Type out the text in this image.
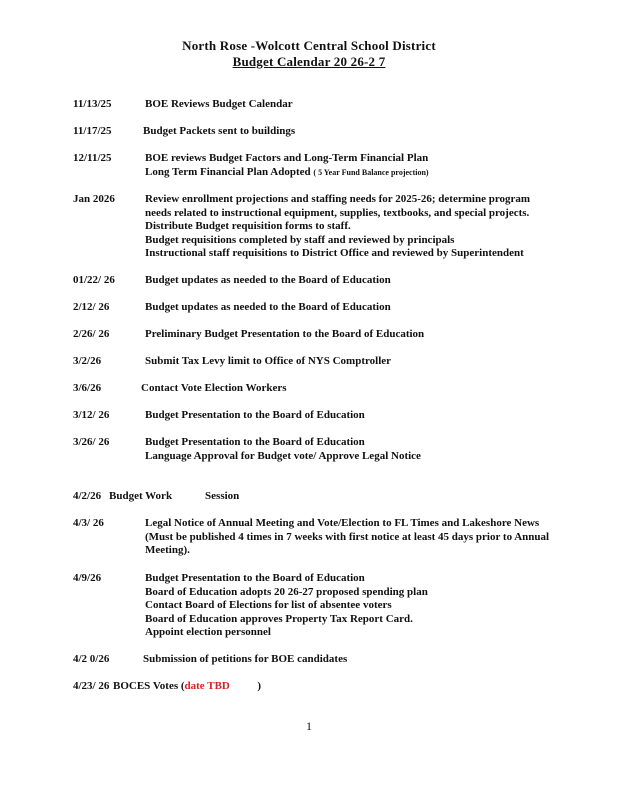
North Rose -Wolcott Central School District
Budget Calendar 20 26-2 7
11/13/25	BOE Reviews Budget Calendar
11/17/25	Budget Packets sent to buildings
12/11/25	BOE reviews Budget Factors and Long-Term Financial Plan
Long Term Financial Plan Adopted ( 5 Year Fund Balance projection)
Jan 2026	Review enrollment projections and staffing needs for 2025-26; determine program
needs related to instructional equipment, supplies, textbooks, and special projects.
Distribute Budget requisition forms to staff.
Budget requisitions completed by staff and reviewed by principals
Instructional staff requisitions to District Office and reviewed by Superintendent
01/22/ 26	Budget updates as needed to the Board of Education
2/12/ 26	Budget updates as needed to the Board of Education
2/26/ 26	Preliminary Budget Presentation to the Board of Education
3/2/26	Submit Tax Levy limit to Office of NYS Comptroller
3/6/26	Contact Vote Election Workers
3/12/ 26	Budget Presentation to the Board of Education
3/26/ 26	Budget Presentation to the Board of Education
Language Approval for Budget vote/ Approve Legal Notice
4/2/26 Budget Work            Session
4/3/ 26	Legal Notice of Annual Meeting and Vote/Election to FL Times and Lakeshore News
(Must be published 4 times in 7 weeks with first notice at least 45 days prior to Annual
Meeting).
4/9/26	Budget Presentation to the Board of Education
Board of Education adopts 20 26-27 proposed spending plan
Contact Board of Elections for list of absentee voters
Board of Education approves Property Tax Report Card.
Appoint election personnel
4/2 0/26	Submission of petitions for BOE candidates
4/23/ 26 BOCES Votes (date TBD          )
1
